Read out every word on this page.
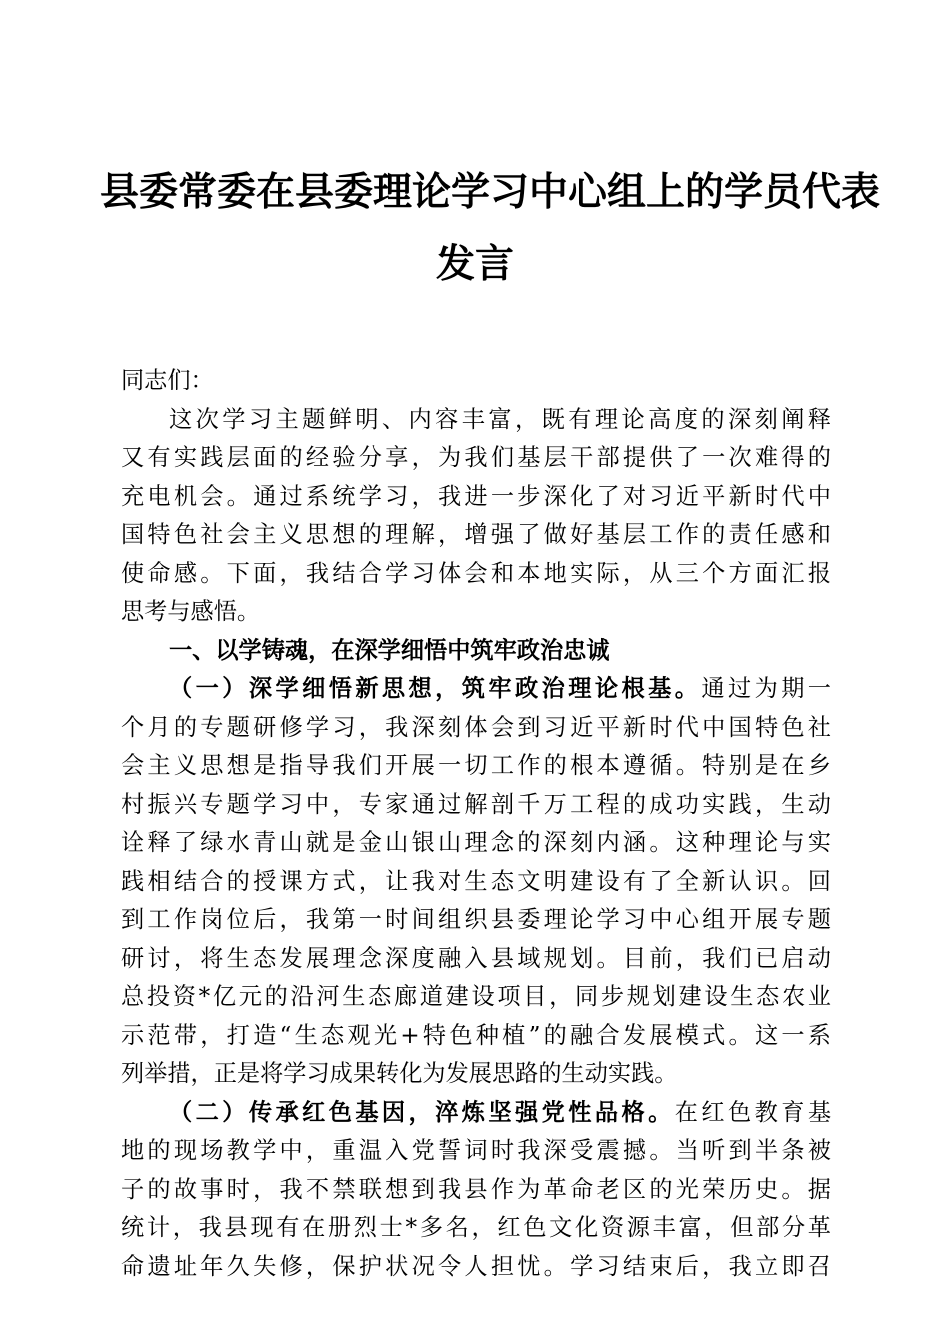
县委常委在县委理论学习中心组上的学员代表
发言
同志们：
这次学习主题鲜明、内容丰富，既有理论高度的深刻阐释
又有实践层面的经验分享，为我们基层干部提供了一次难得的
充电机会。通过系统学习，我进一步深化了对习近平新时代中
国特色社会主义思想的理解，增强了做好基层工作的责任感和
使命感。下面，我结合学习体会和本地实际，从三个方面汇报
思考与感悟。
一、以学铸魂，在深学细悟中筑牢政治忠诚
（一）深学细悟新思想，筑牢政治理论根基。通过为期一
个月的专题研修学习，我深刻体会到习近平新时代中国特色社
会主义思想是指导我们开展一切工作的根本遵循。特别是在乡
村振兴专题学习中，专家通过解剖千万工程的成功实践，生动
诠释了绿水青山就是金山银山理念的深刻内涵。这种理论与实
践相结合的授课方式，让我对生态文明建设有了全新认识。回
到工作岗位后，我第一时间组织县委理论学习中心组开展专题
研讨，将生态发展理念深度融入县域规划。目前，我们已启动
总投资*亿元的沿河生态廊道建设项目，同步规划建设生态农业
示范带，打造“生态观光+特色种植”的融合发展模式。这一系
列举措，正是将学习成果转化为发展思路的生动实践。
（二）传承红色基因，淬炼坚强党性品格。在红色教育基
地的现场教学中，重温入党誓词时我深受震撼。当听到半条被
子的故事时，我不禁联想到我县作为革命老区的光荣历史。据
统计，我县现有在册烈士*多名，红色文化资源丰富，但部分革
命遗址年久失修，保护状况令人担忧。学习结束后，我立即召
